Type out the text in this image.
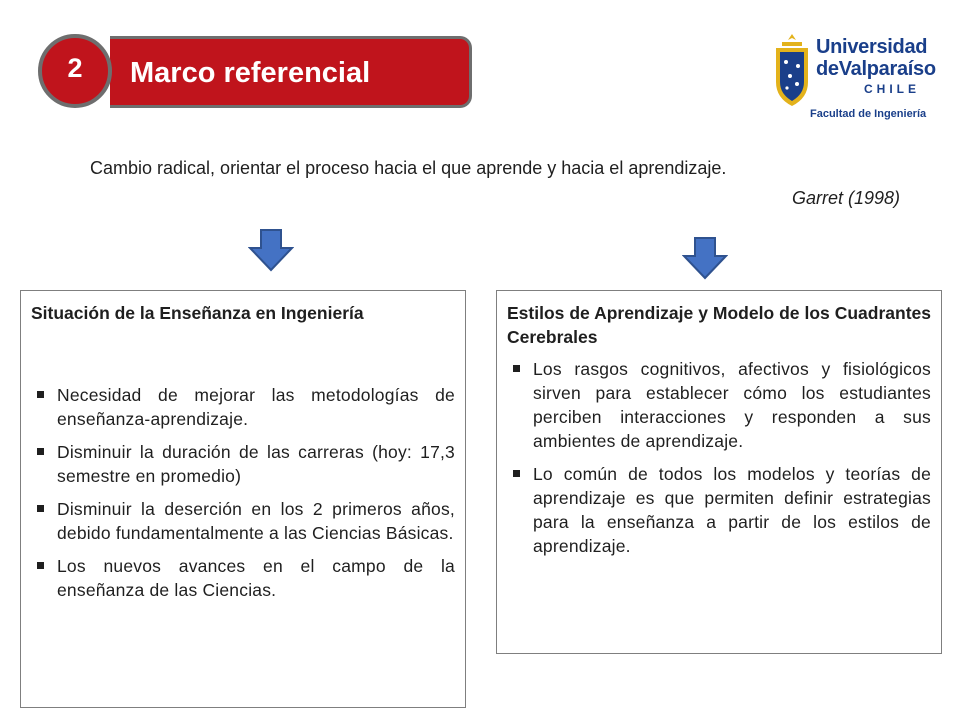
Marco referencial
2
Universidad
deValparaíso
CHILE
Facultad de Ingeniería
Cambio radical, orientar el proceso hacia el que aprende y hacia el aprendizaje.
Garret (1998)

Situación de la Enseñanza en Ingeniería

Necesidad de mejorar las metodologías de enseñanza-aprendizaje.
Disminuir la duración de las carreras (hoy: 17,3 semestre en promedio)
Disminuir la deserción en los 2 primeros años, debido fundamentalmente a las Ciencias Básicas.
Los nuevos avances en el campo de la enseñanza de las Ciencias.

Estilos de Aprendizaje y Modelo de los Cuadrantes Cerebrales

Los rasgos cognitivos, afectivos y fisiológicos sirven para establecer cómo los estudiantes perciben interacciones y responden a sus ambientes de aprendizaje.
Lo común de todos los modelos y teorías de aprendizaje es que permiten definir estrategias para la enseñanza a partir de los estilos de aprendizaje.
